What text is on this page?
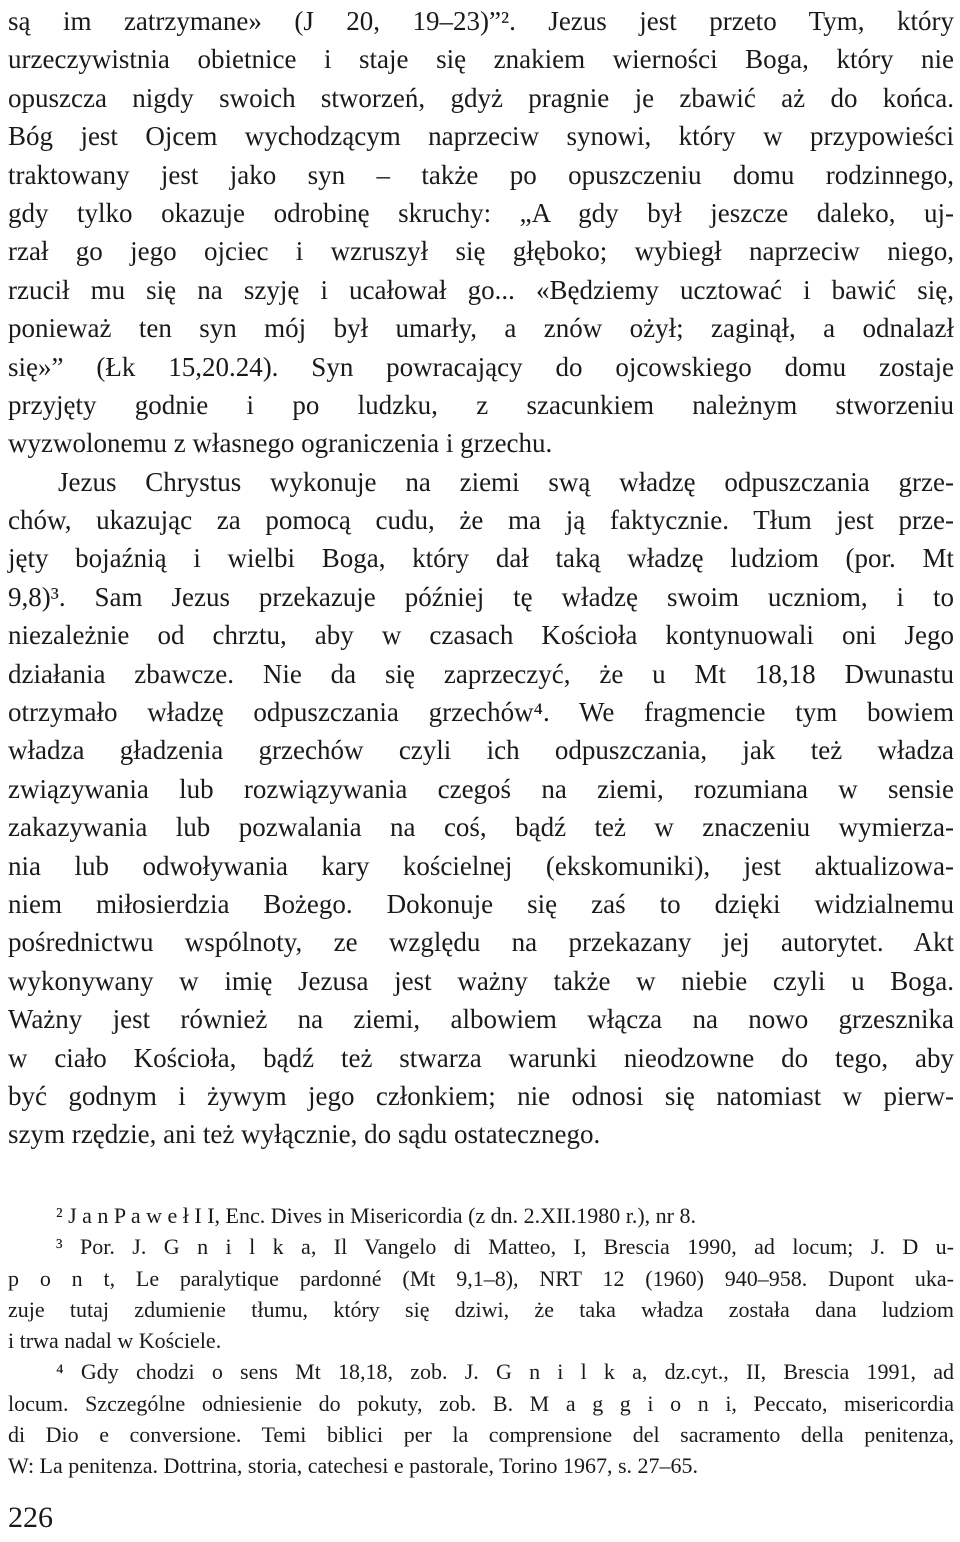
są im zatrzymane» (J 20, 19–23)”². Jezus jest przeto Tym, który
urzeczywistnia obietnice i staje się znakiem wierności Boga, który nie
opuszcza nigdy swoich stworzeń, gdyż pragnie je zbawić aż do końca.
Bóg jest Ojcem wychodzącym naprzeciw synowi, który w przypowieści
traktowany jest jako syn – także po opuszczeniu domu rodzinnego,
gdy tylko okazuje odrobinę skruchy: „A gdy był jeszcze daleko, uj-
rzał go jego ojciec i wzruszył się głęboko; wybiegł naprzeciw niego,
rzucił mu się na szyję i ucałował go... «Będziemy ucztować i bawić się,
ponieważ ten syn mój był umarły, a znów ożył; zaginął, a odnalazł
się»” (Łk 15,20.24). Syn powracający do ojcowskiego domu zostaje
przyjęty godnie i po ludzku, z szacunkiem należnym stworzeniu
wyzwolonemu z własnego ograniczenia i grzechu.
Jezus Chrystus wykonuje na ziemi swą władzę odpuszczania grze-
chów, ukazując za pomocą cudu, że ma ją faktycznie. Tłum jest prze-
jęty bojaźnią i wielbi Boga, który dał taką władzę ludziom (por. Mt
9,8)³. Sam Jezus przekazuje później tę władzę swoim uczniom, i to
niezależnie od chrztu, aby w czasach Kościoła kontynuowali oni Jego
działania zbawcze. Nie da się zaprzeczyć, że u Mt 18,18 Dwunastu
otrzymało władzę odpuszczania grzechów⁴. We fragmencie tym bowiem
władza gładzenia grzechów czyli ich odpuszczania, jak też władza
związywania lub rozwiązywania czegoś na ziemi, rozumiana w sensie
zakazywania lub pozwalania na coś, bądź też w znaczeniu wymierza-
nia lub odwoływania kary kościelnej (ekskomuniki), jest aktualizowa-
niem miłosierdzia Bożego. Dokonuje się zaś to dzięki widzialnemu
pośrednictwu wspólnoty, ze względu na przekazany jej autorytet. Akt
wykonywany w imię Jezusa jest ważny także w niebie czyli u Boga.
Ważny jest również na ziemi, albowiem włącza na nowo grzesznika
w ciało Kościoła, bądź też stwarza warunki nieodzowne do tego, aby
być godnym i żywym jego członkiem; nie odnosi się natomiast w pierw-
szym rzędzie, ani też wyłącznie, do sądu ostatecznego.
² J a n P a w e ł I I, Enc. Dives in Misericordia (z dn. 2.XII.1980 r.), nr 8.
³ Por. J. G n i l k a, Il Vangelo di Matteo, I, Brescia 1990, ad locum; J. D u-
p o n t, Le paralytique pardonné (Mt 9,1–8), NRT 12 (1960) 940–958. Dupont uka-
zuje tutaj zdumienie tłumu, który się dziwi, że taka władza została dana ludziom
i trwa nadal w Kościele.
⁴ Gdy chodzi o sens Mt 18,18, zob. J. G n i l k a, dz.cyt., II, Brescia 1991, ad
locum. Szczególne odniesienie do pokuty, zob. B. M a g g i o n i, Peccato, misericordia
di Dio e conversione. Temi biblici per la comprensione del sacramento della penitenza,
W: La penitenza. Dottrina, storia, catechesi e pastorale, Torino 1967, s. 27–65.
226
